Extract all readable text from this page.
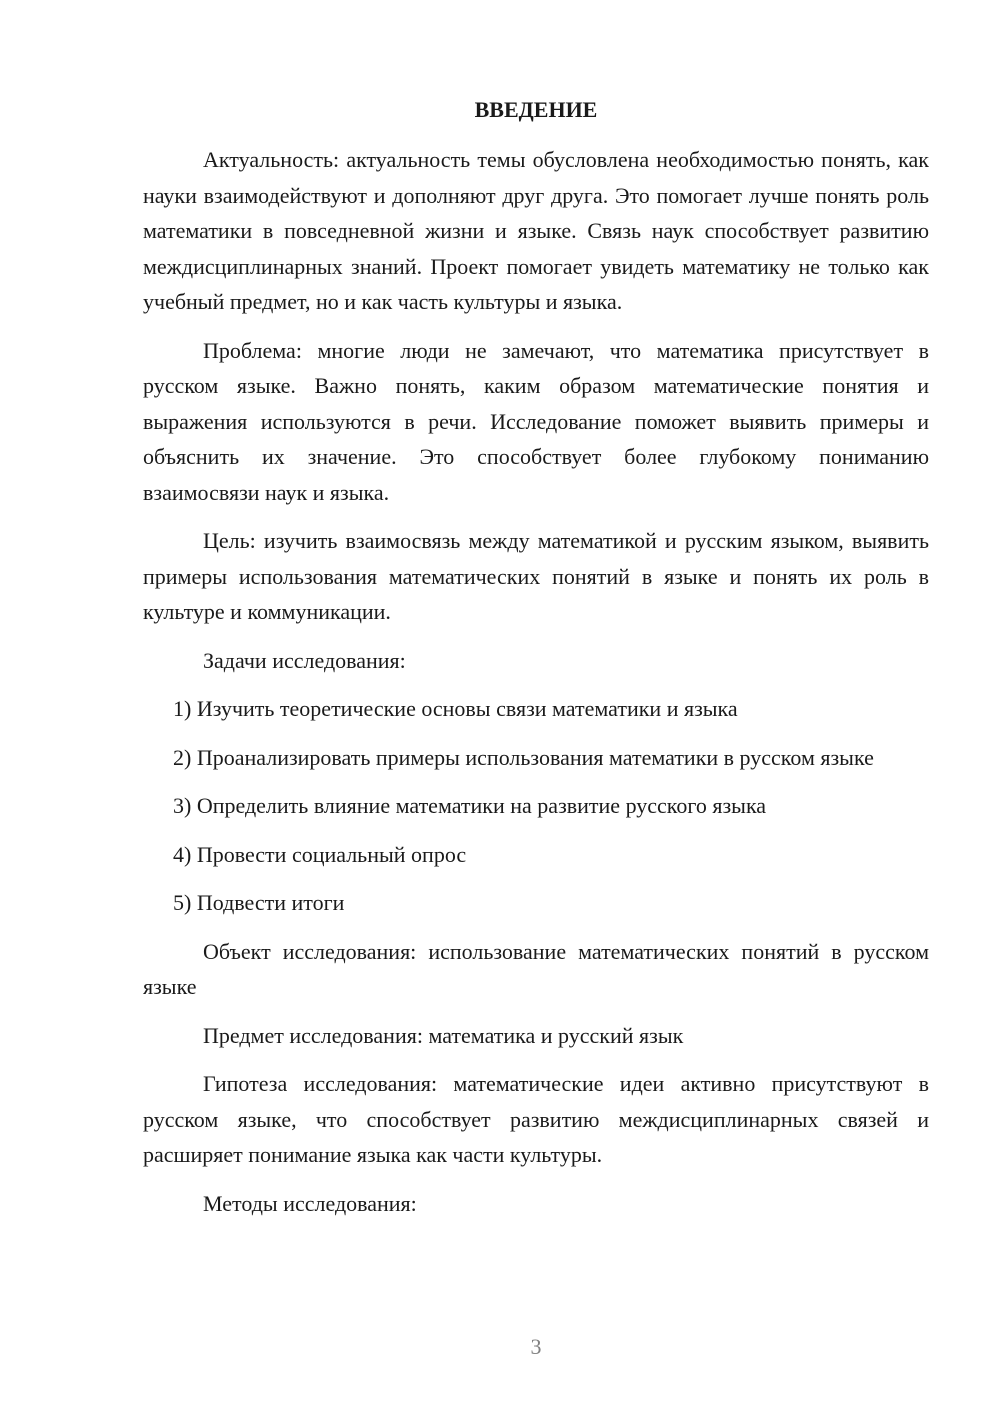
ВВЕДЕНИЕ

Актуальность: актуальность темы обусловлена необходимостью понять, как науки взаимодействуют и дополняют друг друга. Это помогает лучше понять роль математики в повседневной жизни и языке. Связь наук способствует развитию междисциплинарных знаний. Проект помогает увидеть математику не только как учебный предмет, но и как часть культуры и языка.

Проблема: многие люди не замечают, что математика присутствует в русском языке. Важно понять, каким образом математические понятия и выражения используются в речи. Исследование поможет выявить примеры и объяснить их значение. Это способствует более глубокому пониманию взаимосвязи наук и языка.

Цель: изучить взаимосвязь между математикой и русским языком, выявить примеры использования математических понятий в языке и понять их роль в культуре и коммуникации.

Задачи исследования:

1) Изучить теоретические основы связи математики и языка

2) Проанализировать примеры использования математики в русском языке

3) Определить влияние математики на развитие русского языка

4) Провести социальный опрос

5) Подвести итоги

Объект исследования: использование математических понятий в русском языке

Предмет исследования: математика и русский язык

Гипотеза исследования: математические идеи активно присутствуют в русском языке, что способствует развитию междисциплинарных связей и расширяет понимание языка как части культуры.

Методы исследования:

3
